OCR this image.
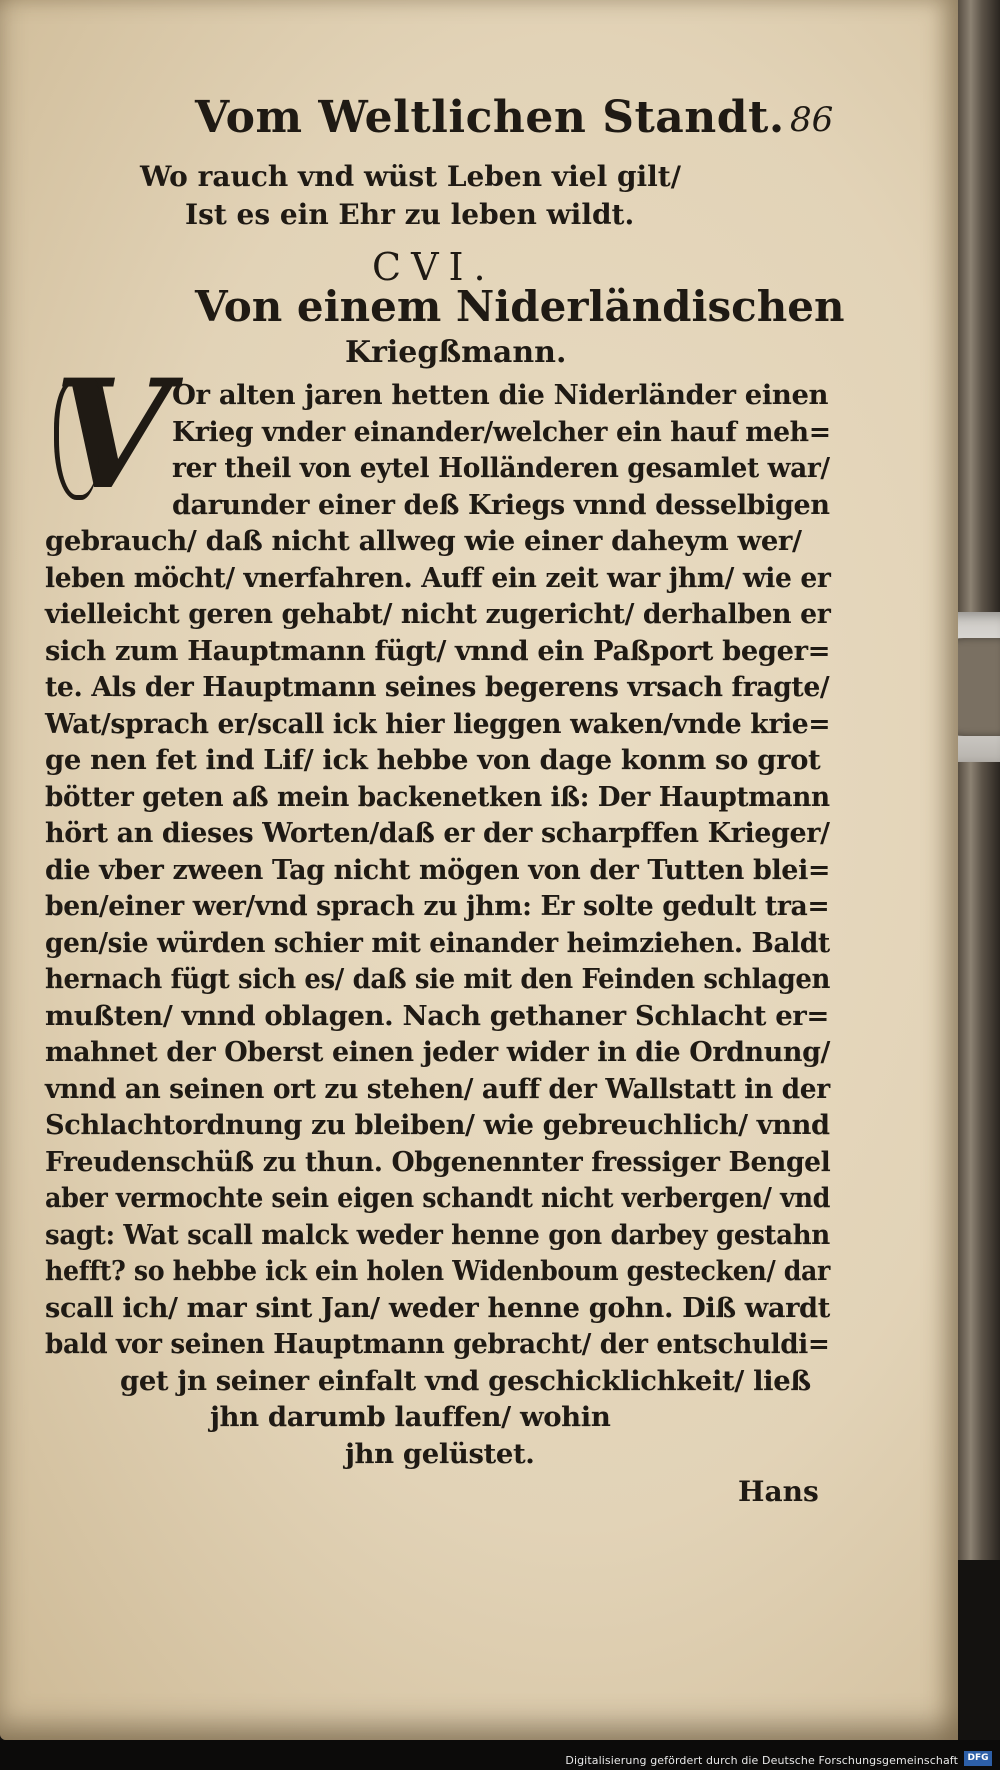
Vom Weltlichen Standt. 86
Wo rauch vnd wüst Leben viel gilt/
Ist es ein Ehr zu leben wildt.
CVI.
Von einem Niderländischen
Kriegßmann.
V Or alten jaren hetten die Niderländer einen
Krieg vnder einander/welcher ein hauf meh=
rer theil von eytel Holländeren gesamlet war/
darunder einer deß Kriegs vnnd desselbigen
gebrauch/ daß nicht allweg wie einer daheym wer/
leben möcht/ vnerfahren. Auff ein zeit war jhm/ wie er
vielleicht geren gehabt/ nicht zugericht/ derhalben er
sich zum Hauptmann fügt/ vnnd ein Paßport beger=
te. Als der Hauptmann seines begerens vrsach fragte/
Wat/sprach er/scall ick hier lieggen waken/vnde krie=
ge nen fet ind Lif/ ick hebbe von dage konm so grot
bötter geten aß mein backenetken iß: Der Hauptmann
hört an dieses Worten/daß er der scharpffen Krieger/
die vber zween Tag nicht mögen von der Tutten blei=
ben/einer wer/vnd sprach zu jhm: Er solte gedult tra=
gen/sie würden schier mit einander heimziehen. Baldt
hernach fügt sich es/ daß sie mit den Feinden schlagen
mußten/ vnnd oblagen. Nach gethaner Schlacht er=
mahnet der Oberst einen jeder wider in die Ordnung/
vnnd an seinen ort zu stehen/ auff der Wallstatt in der
Schlachtordnung zu bleiben/ wie gebreuchlich/ vnnd
Freudenschüß zu thun. Obgenennter fressiger Bengel
aber vermochte sein eigen schandt nicht verbergen/ vnd
sagt: Wat scall malck weder henne gon darbey gestahn
hefft? so hebbe ick ein holen Widenboum gestecken/ dar
scall ich/ mar sint Jan/ weder henne gohn. Diß wardt
bald vor seinen Hauptmann gebracht/ der entschuldi=
get jn seiner einfalt vnd geschicklichkeit/ ließ
jhn darumb lauffen/ wohin
jhn gelüstet.
Hans
Digitalisierung gefördert durch die Deutsche Forschungsgemeinschaft	DFG
